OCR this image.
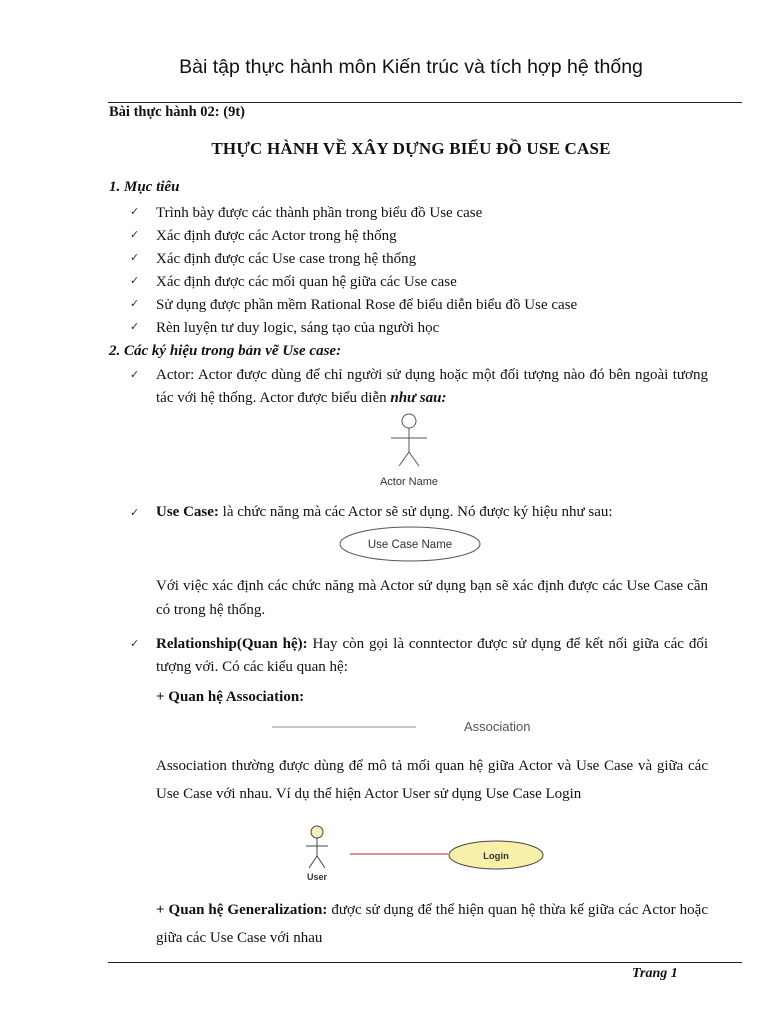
Bài tập thực hành môn Kiến trúc và tích hợp hệ thống
Bài thực hành 02: (9t)
THỰC HÀNH VỀ XÂY DỰNG BIỂU ĐỒ USE CASE
1. Mục tiêu
✓ Trình bày được các thành phần trong biểu đồ Use case
✓ Xác định được các Actor trong hệ thống
✓ Xác định được các Use case trong hệ thống
✓ Xác định được các mối quan hệ giữa các Use case
✓ Sử dụng được phần mềm Rational Rose để biểu diễn biểu đồ Use case
✓ Rèn luyện tư duy logic, sáng tạo của người học
2. Các ký hiệu trong bản vẽ Use case:
✓ Actor: Actor được dùng để chỉ người sử dụng hoặc một đối tượng nào đó bên ngoài tương tác với hệ thống. Actor được biểu diễn như sau:
Actor Name
✓ Use Case: là chức năng mà các Actor sẽ sử dụng. Nó được ký hiệu như sau:
Use Case Name
Với việc xác định các chức năng mà Actor sử dụng bạn sẽ xác định được các Use Case cần có trong hệ thống.
✓ Relationship(Quan hệ): Hay còn gọi là conntector được sử dụng để kết nối giữa các đối tượng với. Có các kiểu quan hệ:
+ Quan hệ Association:
Association
Association thường được dùng để mô tả mối quan hệ giữa Actor và Use Case và giữa các Use Case với nhau. Ví dụ thể hiện Actor User sử dụng Use Case Login
User
Login
+ Quan hệ Generalization: được sử dụng để thể hiện quan hệ thừa kế giữa các Actor hoặc giữa các Use Case với nhau
Trang 1
